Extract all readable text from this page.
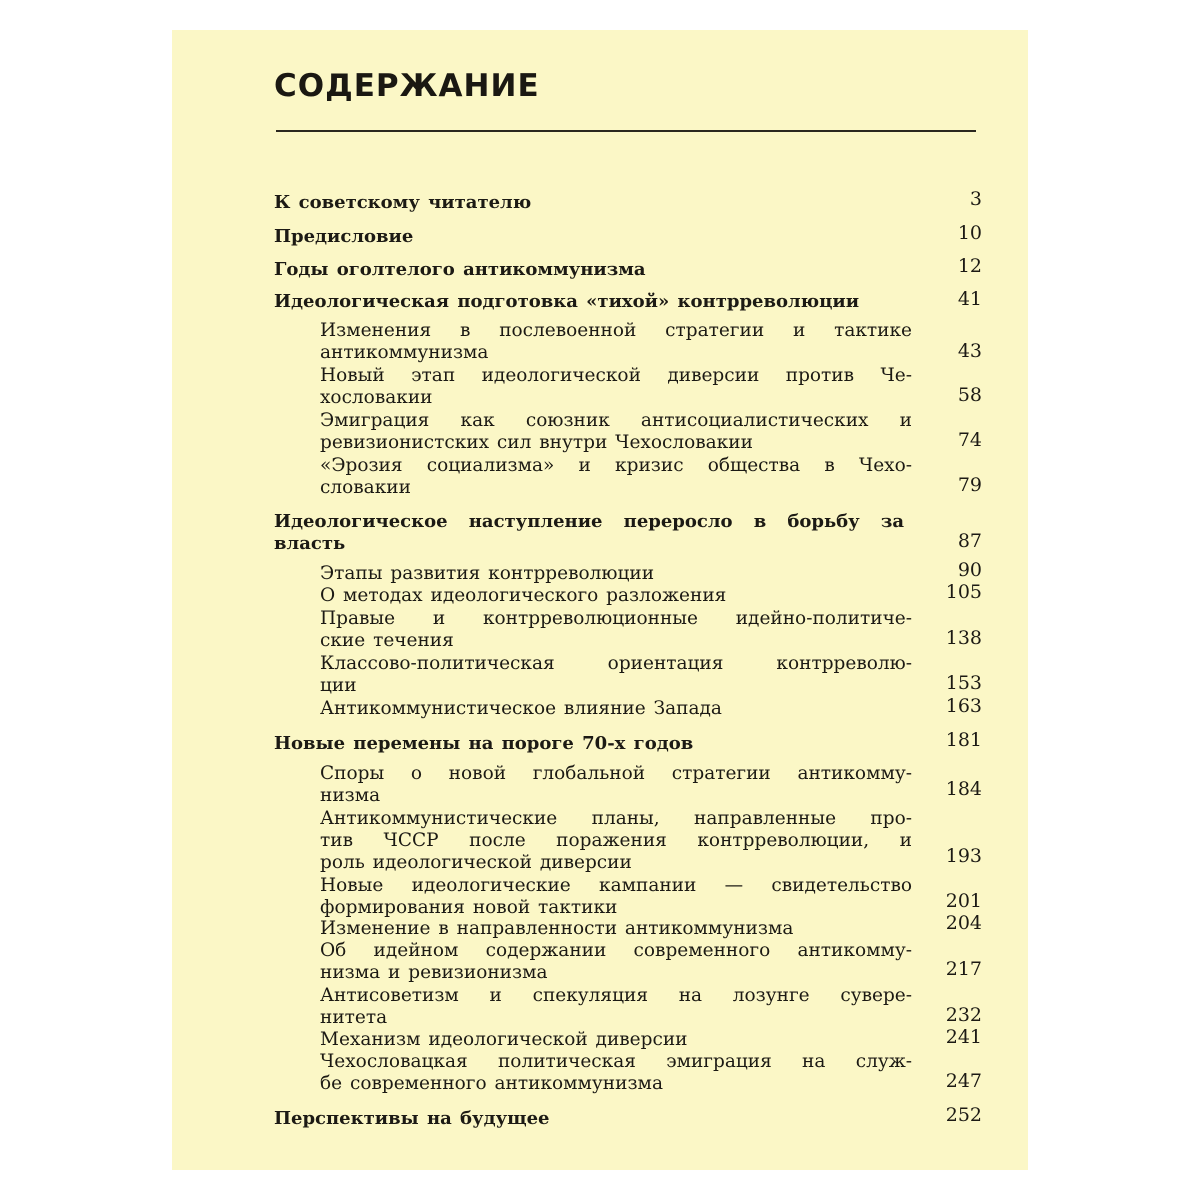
СОДЕРЖАНИЕ
К советскому читателю	3
Предисловие	10
Годы оголтелого антикоммунизма	12
Идеологическая подготовка «тихой» контрреволюции	41
Изменения в послевоенной стратегии и тактике
антикоммунизма	43
Новый этап идеологической диверсии против Че-
хословакии	58
Эмиграция как союзник антисоциалистических и
ревизионистских сил внутри Чехословакии	74
«Эрозия социализма» и кризис общества в Чехо-
словакии	79
Идеологическое наступление переросло в борьбу за
власть	87
Этапы развития контрреволюции	90
О методах идеологического разложения	105
Правые и контрреволюционные идейно-политиче-
ские течения	138
Классово-политическая ориентация контрреволю-
ции	153
Антикоммунистическое влияние Запада	163
Новые перемены на пороге 70-х годов	181
Споры о новой глобальной стратегии антикомму-
низма	184
Антикоммунистические планы, направленные про-
тив ЧССР после поражения контрреволюции, и
роль идеологической диверсии	193
Новые идеологические кампании — свидетельство
формирования новой тактики	201
Изменение в направленности антикоммунизма	204
Об идейном содержании современного антикомму-
низма и ревизионизма	217
Антисоветизм и спекуляция на лозунге сувере-
нитета	232
Механизм идеологической диверсии	241
Чехословацкая политическая эмиграция на служ-
бе современного антикоммунизма	247
Перспективы на будущее	252
